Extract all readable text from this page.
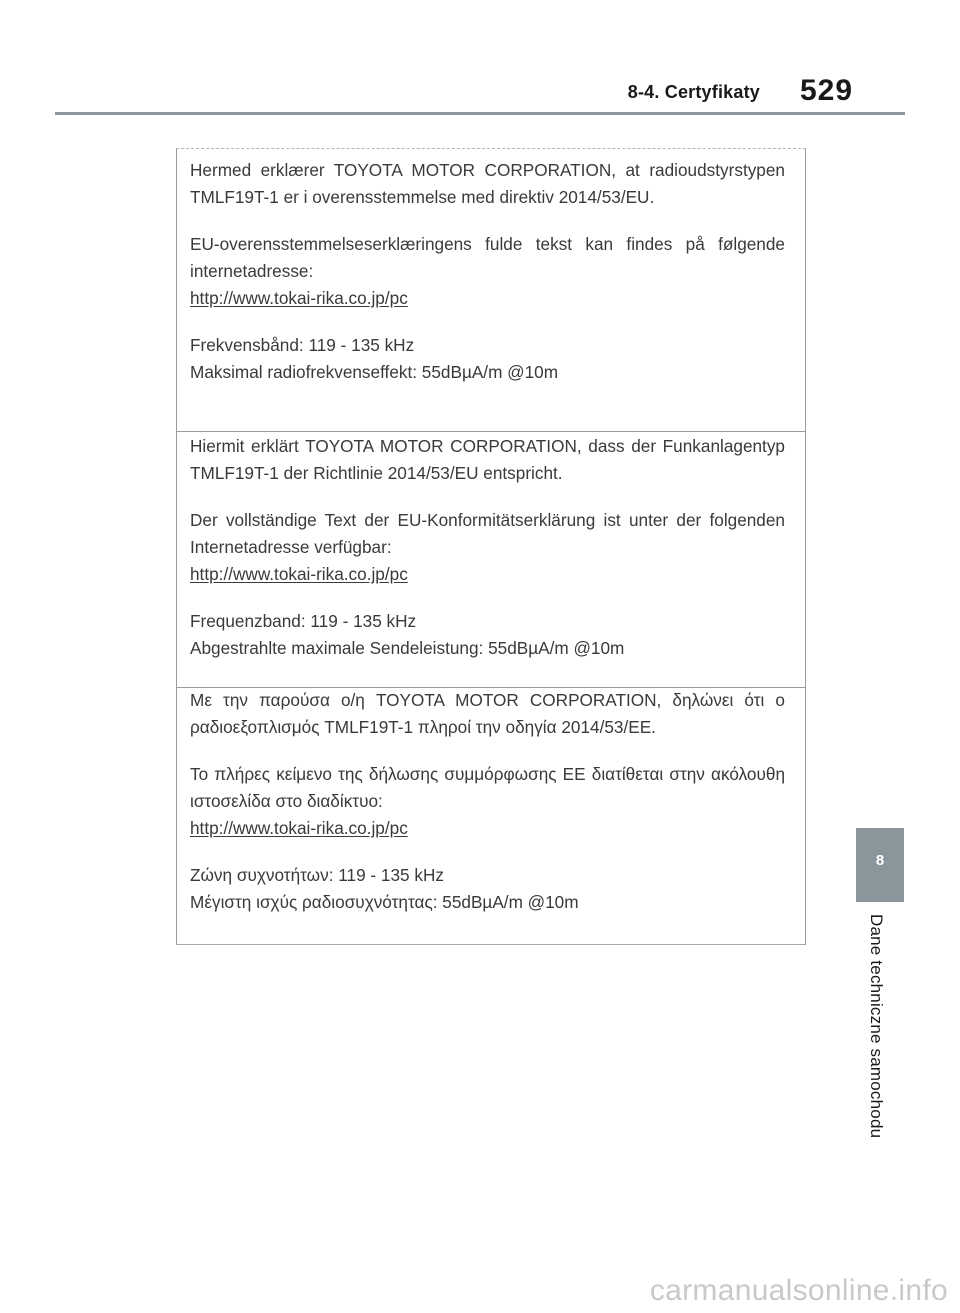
8-4. Certyfikaty 529

Hermed erklærer TOYOTA MOTOR CORPORATION, at radioudstyrstypen TMLF19T-1 er i overensstemmelse med direktiv 2014/53/EU.

EU-overensstemmelseserklæringens fulde tekst kan findes på følgende internetadresse:

http://www.tokai-rika.co.jp/pc
Frekvensbånd: 119 - 135 kHz
Maksimal radiofrekvenseffekt: 55dBµA/m @10m

Hiermit erklärt TOYOTA MOTOR CORPORATION, dass der Funkanlagentyp TMLF19T-1 der Richtlinie 2014/53/EU entspricht.

Der vollständige Text der EU-Konformitätserklärung ist unter der folgenden Internetadresse verfügbar:

http://www.tokai-rika.co.jp/pc
Frequenzband: 119 - 135 kHz
Abgestrahlte maximale Sendeleistung: 55dBµA/m @10m

Με την παρούσα ο/η TOYOTA MOTOR CORPORATION, δηλώνει ότι ο ραδιοεξοπλισμός TMLF19T-1 πληροί την οδηγία 2014/53/ΕΕ.

Το πλήρες κείμενο της δήλωσης συμμόρφωσης ΕΕ διατίθεται στην ακόλουθη ιστοσελίδα στο διαδίκτυο:

http://www.tokai-rika.co.jp/pc
Ζώνη συχνοτήτων: 119 - 135 kHz
Μέγιστη ισχύς ραδιοσυχνότητας: 55dBµA/m @10m
8
Dane techniczne samochodu
carmanualsonline.info
